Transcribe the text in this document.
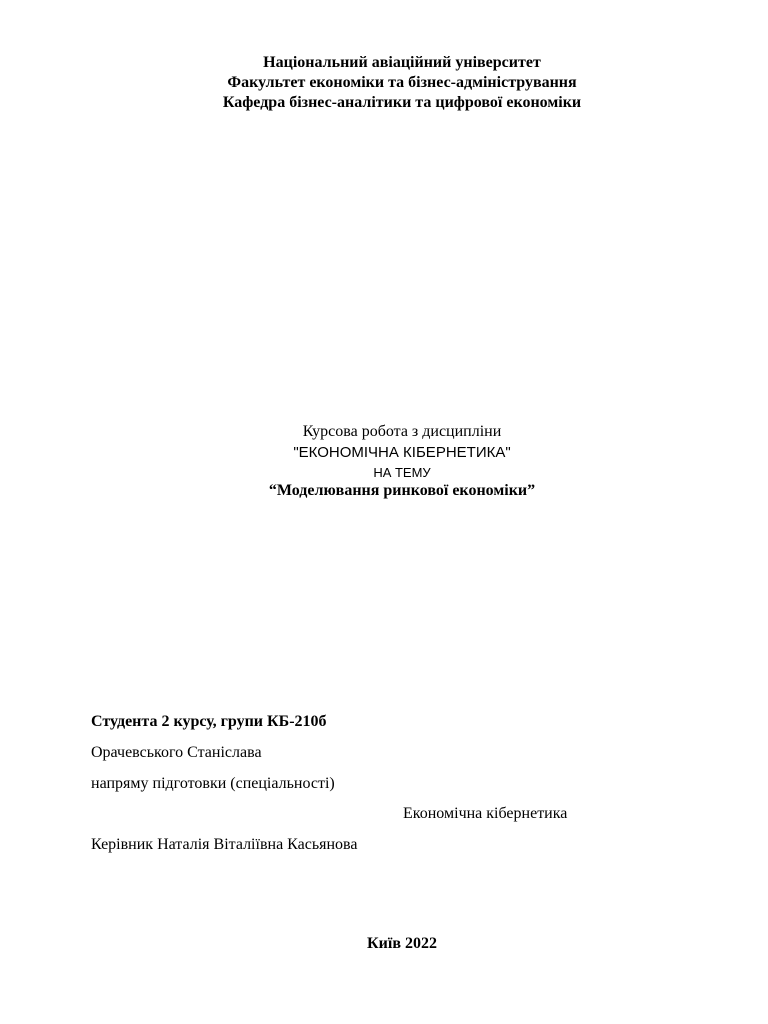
Національний авіаційний університет
Факультет економіки та бізнес-адміністрування
Кафедра бізнес-аналітики та цифрової економіки
Курсова робота з дисципліни
"ЕКОНОМІЧНА КІБЕРНЕТИКА"
НА ТЕМУ
“Моделювання ринкової економіки”
Студента 2 курсу, групи КБ-210б
Орачевського Станіслава
напряму підготовки (спеціальності)
Економічна кібернетика
Керівник Наталія Віталіївна Касьянова
Київ 2022
